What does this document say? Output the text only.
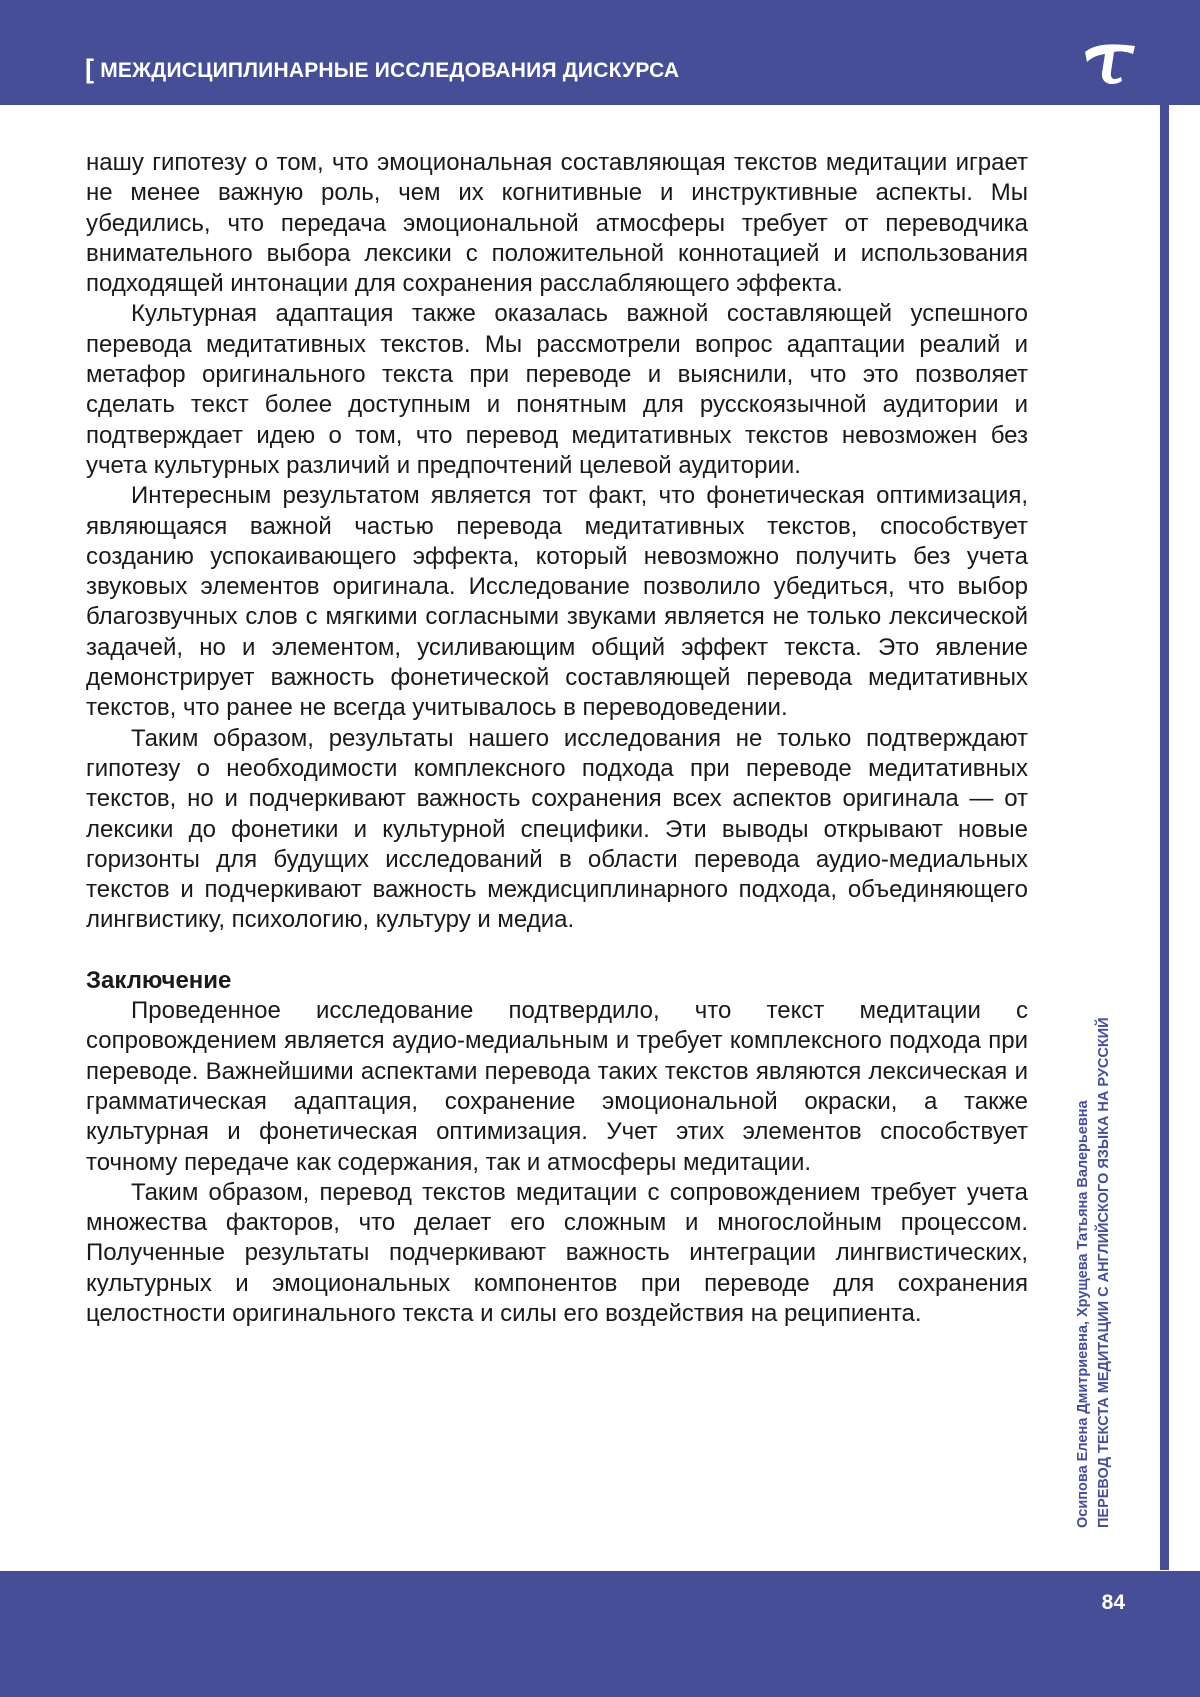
[ МЕЖДИСЦИПЛИНАРНЫЕ ИССЛЕДОВАНИЯ ДИСКУРСА
Осипова Елена Дмитриевна, Хрущева Татьяна Валерьевна ПЕРЕВОД ТЕКСТА МЕДИТАЦИИ С АНГЛИЙСКОГО ЯЗЫКА НА РУССКИЙ

нашу гипотезу о том, что эмоциональная составляющая текстов медитации играет не менее важную роль, чем их когнитивные и инструктивные аспекты. Мы убедились, что передача эмоциональной атмосферы требует от переводчика внимательного выбора лексики с положительной коннотацией и использования подходящей интонации для сохранения расслабляющего эффекта.

Культурная адаптация также оказалась важной составляющей успешного перевода медитативных текстов. Мы рассмотрели вопрос адаптации реалий и метафор оригинального текста при переводе и выяснили, что это позволяет сделать текст более доступным и понятным для русскоязычной аудитории и подтверждает идею о том, что перевод медитативных текстов невозможен без учета культурных различий и предпочтений целевой аудитории.

Интересным результатом является тот факт, что фонетическая оптимизация, являющаяся важной частью перевода медитативных текстов, способствует созданию успокаивающего эффекта, который невозможно получить без учета звуковых элементов оригинала. Исследование позволило убедиться, что выбор благозвучных слов с мягкими согласными звуками является не только лексической задачей, но и элементом, усиливающим общий эффект текста. Это явление демонстрирует важность фонетической составляющей перевода медитативных текстов, что ранее не всегда учитывалось в переводоведении.

Таким образом, результаты нашего исследования не только подтверждают гипотезу о необходимости комплексного подхода при переводе медитативных текстов, но и подчеркивают важность сохранения всех аспектов оригинала — от лексики до фонетики и культурной специфики. Эти выводы открывают новые горизонты для будущих исследований в области перевода аудио-медиальных текстов и подчеркивают важность междисциплинарного подхода, объединяющего лингвистику, психологию, культуру и медиа.

Заключение

Проведенное исследование подтвердило, что текст медитации с сопровождением является аудио-медиальным и требует комплексного подхода при переводе. Важнейшими аспектами перевода таких текстов являются лексическая и грамматическая адаптация, сохранение эмоциональной окраски, а также культурная и фонетическая оптимизация. Учет этих элементов способствует точному передаче как содержания, так и атмосферы медитации.

Таким образом, перевод текстов медитации с сопровождением требует учета множества факторов, что делает его сложным и многослойным процессом. Полученные результаты подчеркивают важность интеграции лингвистических, культурных и эмоциональных компонентов при переводе для сохранения целостности оригинального текста и силы его воздействия на реципиента.

84
